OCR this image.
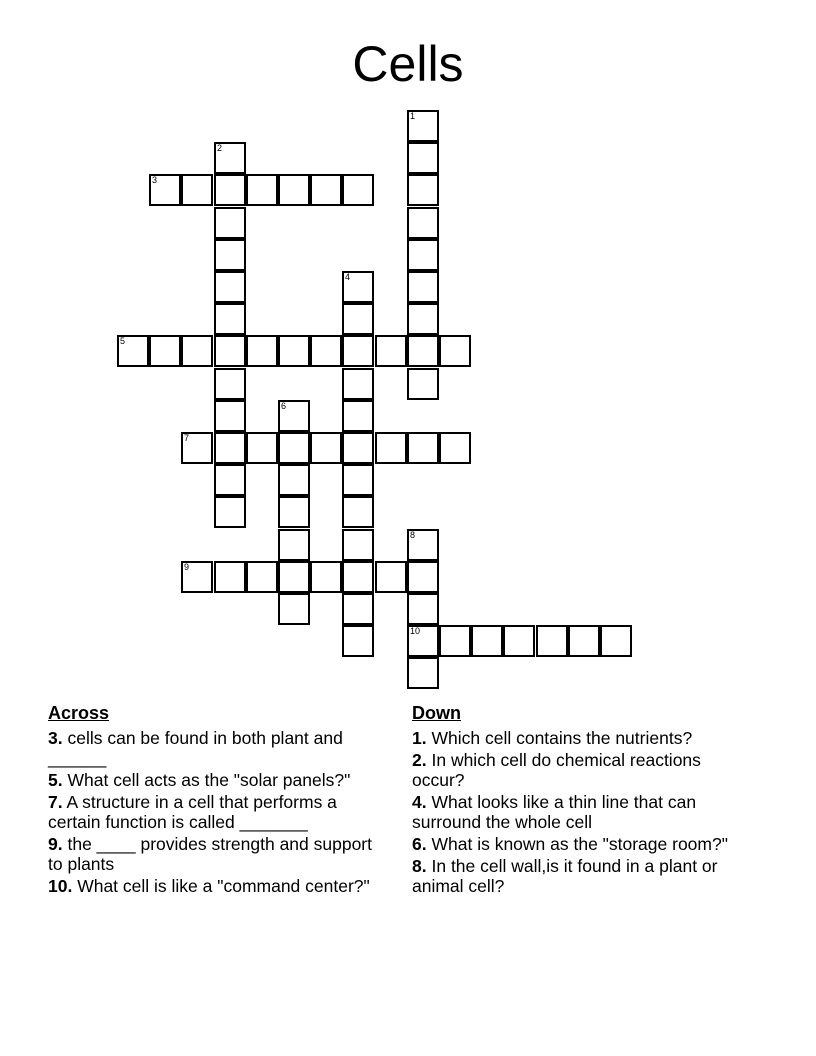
Cells
1
2
3
4
5
6
7
8
10
9
Across
3. cells can be found in both plant and ______
5. What cell acts as the "solar panels?"
7. A structure in a cell that performs a certain function is called _______
9. the ____ provides strength and support to plants
10. What cell is like a "command center?"
Down
1. Which cell contains the nutrients?
2. In which cell do chemical reactions occur?
4. What looks like a thin line that can surround the whole cell
6. What is known as the "storage room?"
8. In the cell wall,is it found in a plant or animal cell?
